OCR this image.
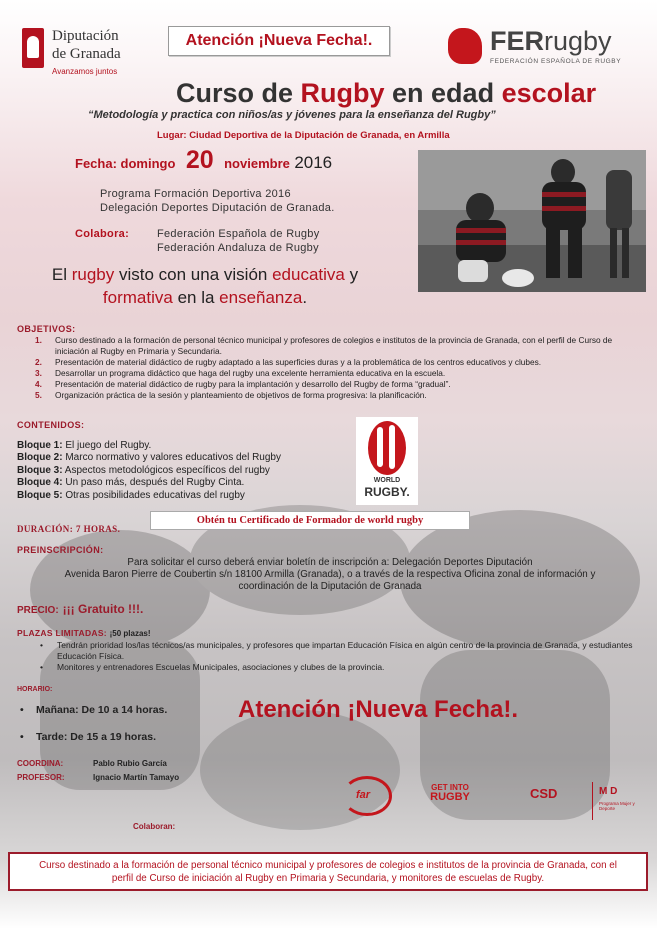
Diputación
de Granada
Avanzamos juntos
Atención ¡Nueva Fecha!.	FERrugby
FEDERACIÓN ESPAÑOLA DE RUGBY
Curso de Rugby en edad escolar
“Metodología y practica con niños/as y jóvenes para la enseñanza del Rugby”
Lugar: Ciudad Deportiva de la Diputación de Granada, en Armilla
Fecha: domingo 20 noviembre 2016
Programa Formación Deportiva 2016
Delegación Deportes Diputación de Granada.
Colabora:	Federación Española de Rugby
Federación Andaluza de Rugby
El rugby visto con una visión educativa y
formativa en la enseñanza.
OBJETIVOS:
1. Curso destinado a la formación de personal técnico municipal y profesores de colegios e institutos de la provincia de Granada, con el perfil de Curso de iniciación al Rugby en Primaria y Secundaria.
2. Presentación de material didáctico de rugby adaptado a las superficies duras y a la problemática de los centros educativos y clubes.
3. Desarrollar un programa didáctico que haga del rugby una excelente herramienta educativa en la escuela.
4. Presentación de material didáctico de rugby para la implantación y desarrollo del Rugby de forma “gradual”.
5. Organización práctica de la sesión y planteamiento de objetivos de forma progresiva: la planificación.
CONTENIDOS:
Bloque 1: El juego del Rugby.
Bloque 2: Marco normativo y valores educativos del Rugby
Bloque 3: Aspectos metodológicos específicos del rugby
Bloque 4: Un paso más, después del Rugby Cinta.
Bloque 5: Otras posibilidades educativas del rugby
WORLD
RUGBY.
DURACIÓN: 7 HORAS.
Obtén tu Certificado de Formador de world rugby
PREINSCRIPCIÓN:
Para solicitar el curso deberá enviar boletín de inscripción a: Delegación Deportes Diputación
Avenida Baron Pierre de Coubertin s/n 18100 Armilla (Granada), o a través de la respectiva Oficina zonal de información y
coordinación de la Diputación de Granada
PRECIO: ¡¡¡ Gratuito !!!.
PLAZAS LIMITADAS: ¡50 plazas!
• Tendrán prioridad los/las técnicos/as municipales, y profesores que impartan Educación Física en algún centro de la provincia de Granada, y estudiantes Educación Física.
• Monitores y entrenadores Escuelas Municipales, asociaciones y clubes de la provincia.
HORARIO:
• Mañana: De 10 a 14 horas.
• Tarde: De 15 a 19 horas.
Atención ¡Nueva Fecha!.
COORDINA:	Pablo Rubio García
PROFESOR:	Ignacio Martín Tamayo
Colaboran:
far
GET INTO
RUGBY	CSD	M D
Programa Mujer y Deporte
Curso destinado a la formación de personal técnico municipal y profesores de colegios e institutos de la provincia de Granada, con el perfil de Curso de iniciación al Rugby en Primaria y Secundaria, y monitores de escuelas de Rugby.
